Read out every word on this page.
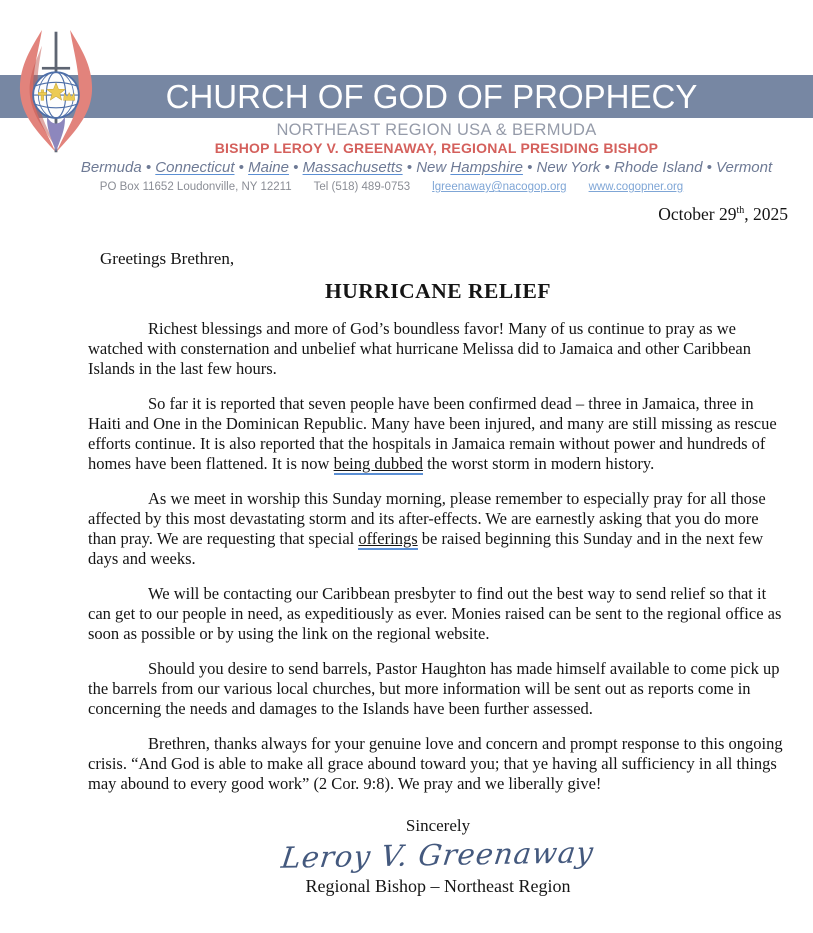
CHURCH OF GOD OF PROPHECY
NORTHEAST REGION USA & BERMUDA
BISHOP LEROY V. GREENAWAY, REGIONAL PRESIDING BISHOP
Bermuda • Connecticut • Maine • Massachusetts • New Hampshire • New York • Rhode Island • Vermont
PO Box 11652 Loudonville, NY 12211 Tel (518) 489-0753 lgreenaway@nacogop.org www.cogopner.org
October 29th, 2025
Greetings Brethren,
HURRICANE RELIEF

Richest blessings and more of God’s boundless favor! Many of us continue to pray as we watched with consternation and unbelief what hurricane Melissa did to Jamaica and other Caribbean Islands in the last few hours.

So far it is reported that seven people have been confirmed dead – three in Jamaica, three in Haiti and One in the Dominican Republic. Many have been injured, and many are still missing as rescue efforts continue. It is also reported that the hospitals in Jamaica remain without power and hundreds of homes have been flattened. It is now being dubbed the worst storm in modern history.

As we meet in worship this Sunday morning, please remember to especially pray for all those affected by this most devastating storm and its after-effects. We are earnestly asking that you do more than pray. We are requesting that special offerings be raised beginning this Sunday and in the next few days and weeks.

We will be contacting our Caribbean presbyter to find out the best way to send relief so that it can get to our people in need, as expeditiously as ever. Monies raised can be sent to the regional office as soon as possible or by using the link on the regional website.

Should you desire to send barrels, Pastor Haughton has made himself available to come pick up the barrels from our various local churches, but more information will be sent out as reports come in concerning the needs and damages to the Islands have been further assessed.

Brethren, thanks always for your genuine love and concern and prompt response to this ongoing crisis. “And God is able to make all grace abound toward you; that ye having all sufficiency in all things may abound to every good work” (2 Cor. 9:8). We pray and we liberally give!

Sincerely
Leroy V. Greenaway
Regional Bishop – Northeast Region
